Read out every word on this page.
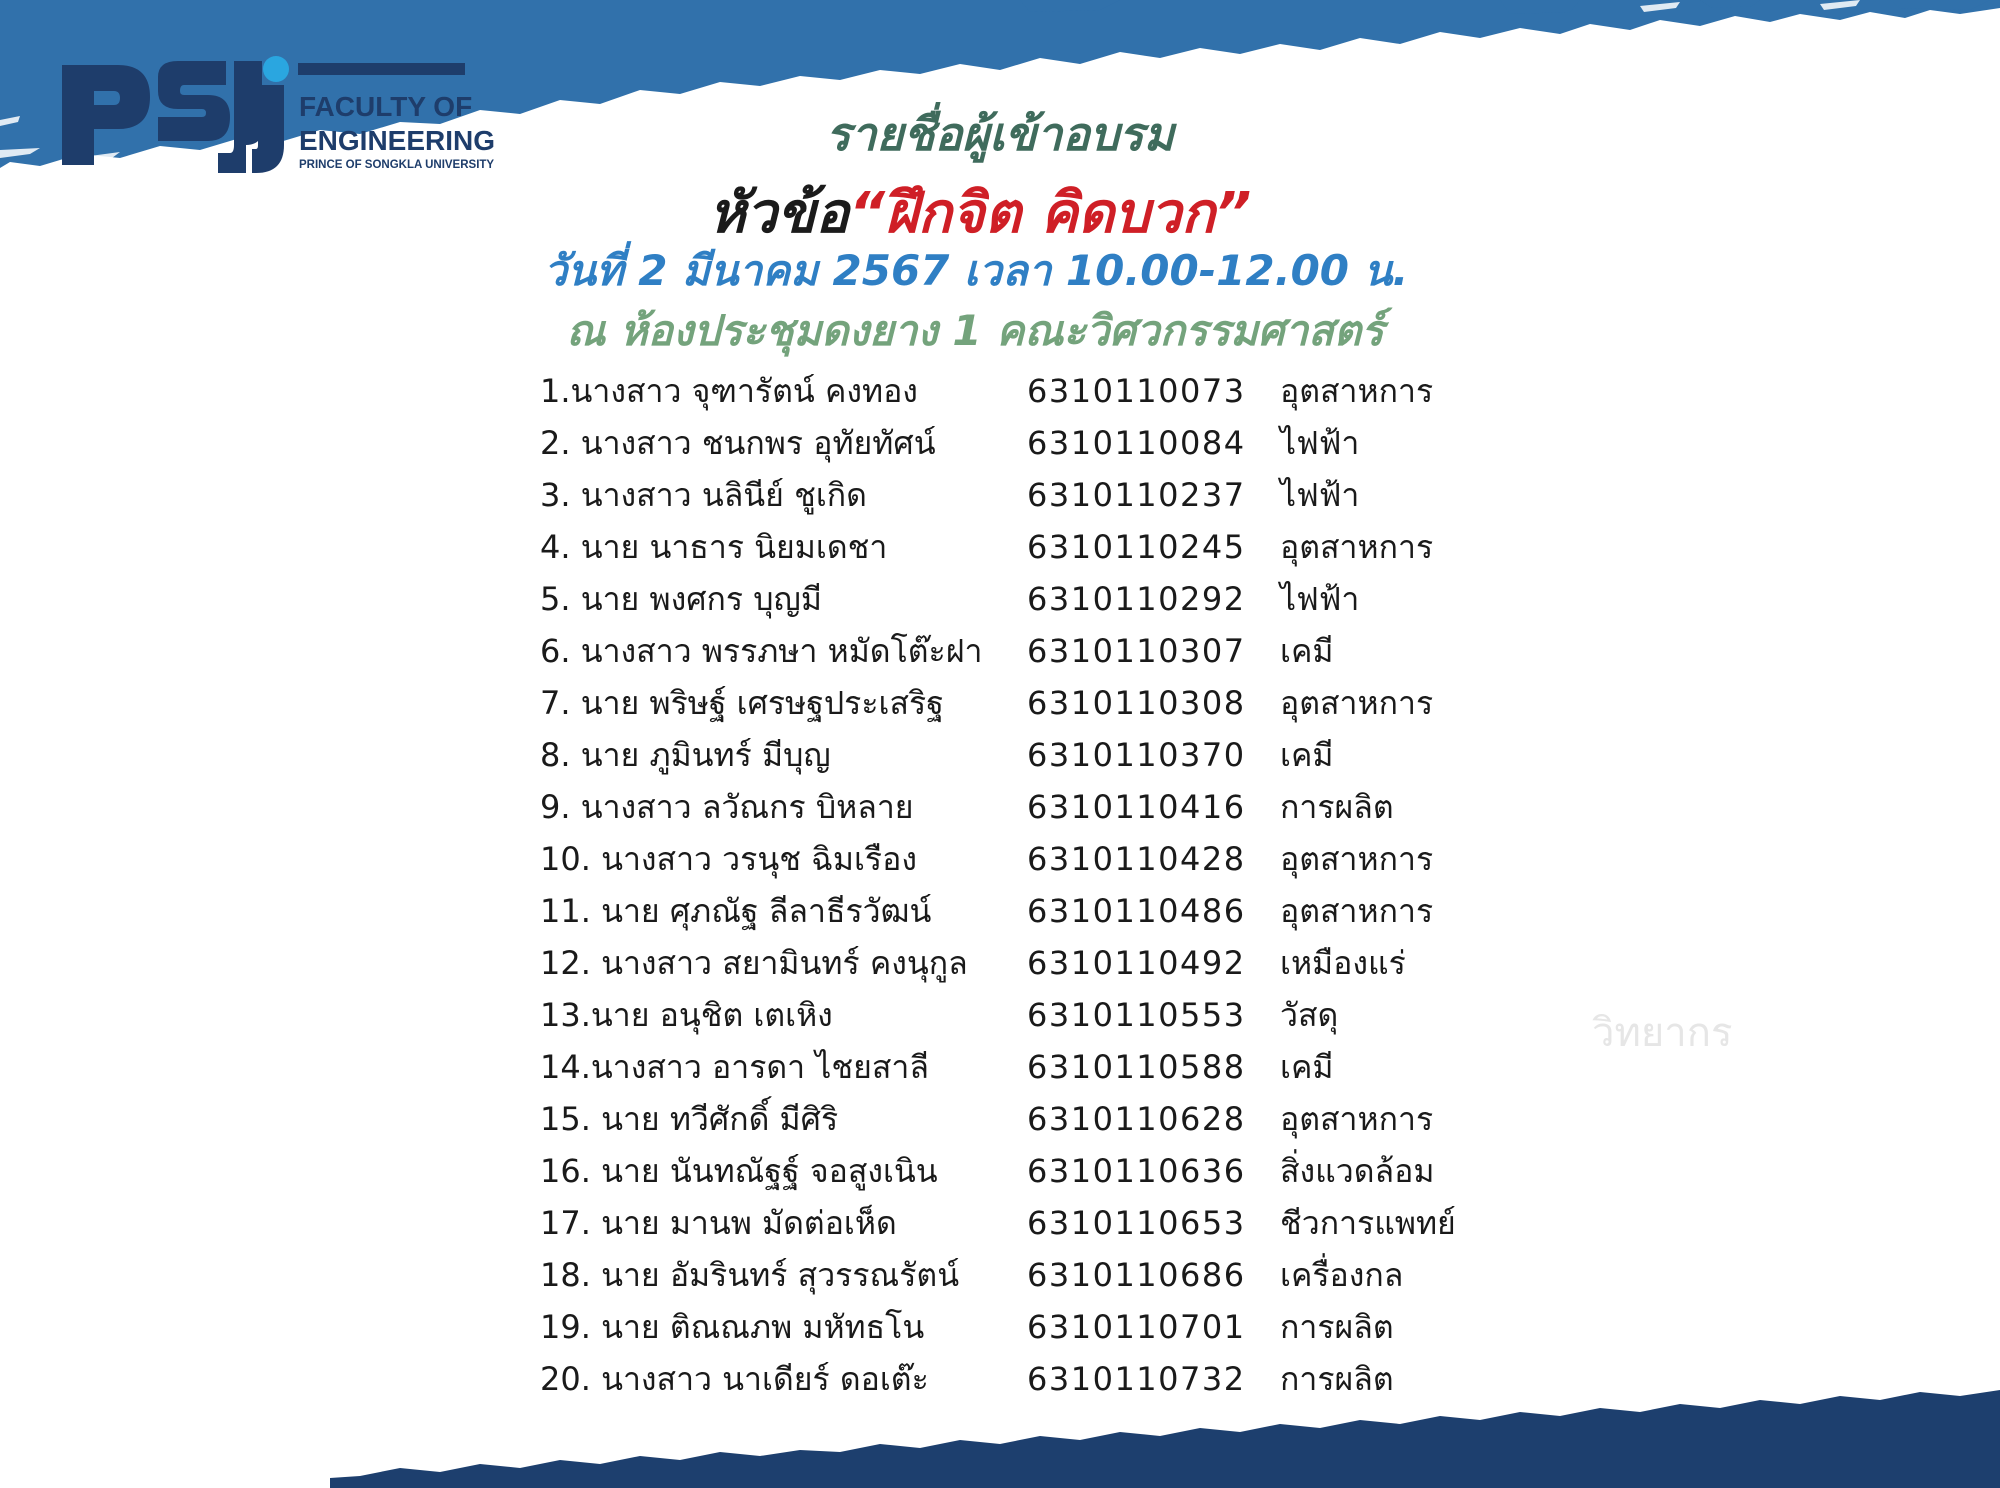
FACULTY OF
ENGINEERING
PRINCE OF SONGKLA UNIVERSITY
รายชื่อผู้เข้าอบรม
หัวข้อ“ฝึกจิต คิดบวก”
วันที่ 2 มีนาคม 2567 เวลา 10.00-12.00 น.
ณ ห้องประชุมดงยาง 1 คณะวิศวกรรมศาสตร์
1.นางสาว จุฑารัตน์ คงทอง	6310110073 อุตสาหการ
2. นางสาว ชนกพร อุทัยทัศน์	6310110084 ไฟฟ้า
3. นางสาว นลินีย์ ชูเกิด	6310110237 ไฟฟ้า
4. นาย นาธาร นิยมเดชา	6310110245 อุตสาหการ
5. นาย พงศกร บุญมี	6310110292 ไฟฟ้า
6. นางสาว พรรภษา หมัดโต๊ะฝา 6310110307 เคมี
7. นาย พริษฐ์ เศรษฐประเสริฐ	6310110308 อุตสาหการ
8. นาย ภูมินทร์ มีบุญ	6310110370 เคมี
9. นางสาว ลวัณกร บิหลาย	6310110416 การผลิต
10. นางสาว วรนุช ฉิมเรือง	6310110428 อุตสาหการ
11. นาย ศุภณัฐ ลีลาธีรวัฒน์	6310110486 อุตสาหการ
12. นางสาว สยามินทร์ คงนุกูล 6310110492 เหมืองแร่
13.นาย อนุชิต เตเหิง	6310110553 วัสดุ
14.นางสาว อารดา ไชยสาลี	6310110588 เคมี
15. นาย ทวีศักดิ์ มีศิริ	6310110628 อุตสาหการ
16. นาย นันทณัฐฐ์ จอสูงเนิน	6310110636 สิ่งแวดล้อม
17. นาย มานพ มัดต่อเห็ด	6310110653 ชีวการแพทย์
18. นาย อัมรินทร์ สุวรรณรัตน์ 6310110686 เครื่องกล
19. นาย ติณณภพ มหัทธโน	6310110701 การผลิต
20. นางสาว นาเดียร์ ดอเต๊ะ	6310110732 การผลิต
วิทยากร
